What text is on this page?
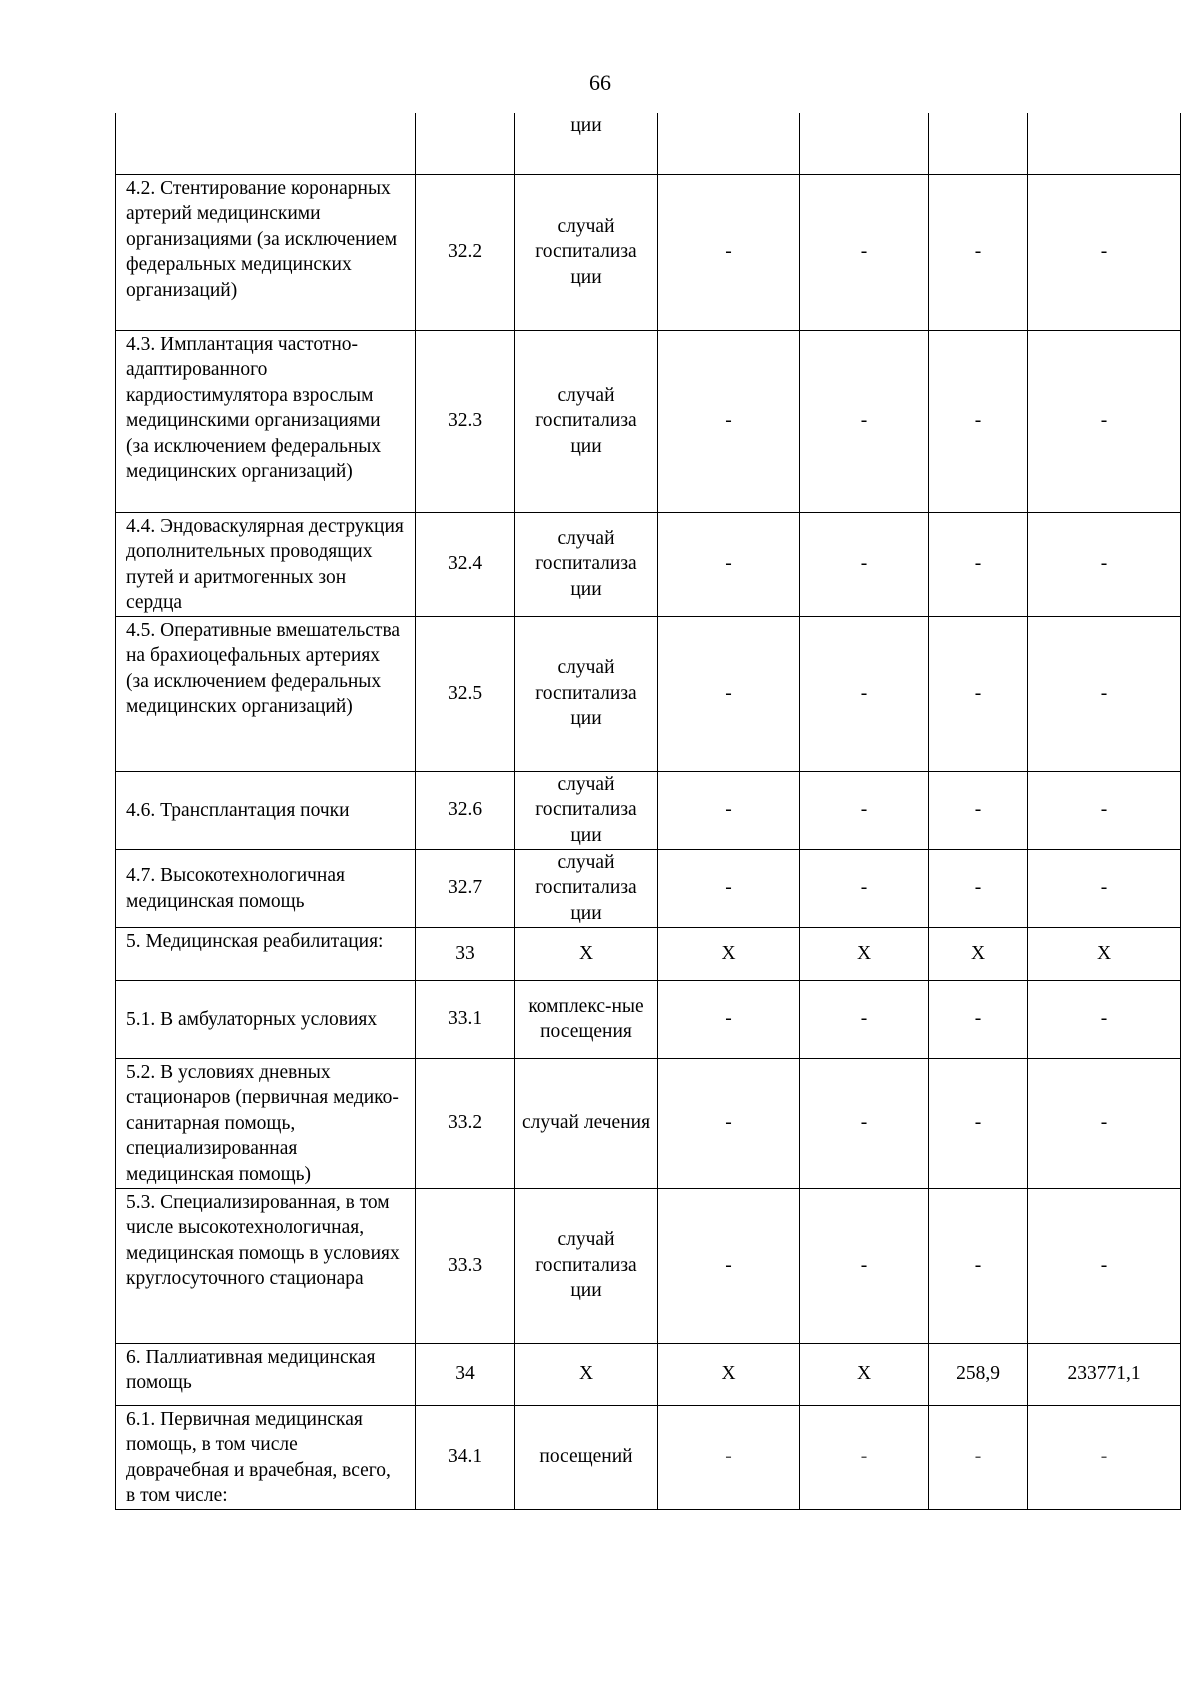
66
		ции				
4.2. Стентирование коронарных артерий медицинскими организациями (за исключением федеральных медицинских организаций)	32.2	случай госпитализа ции	-	-	-	-
4.3. Имплантация частотно-адаптированного кардиостимулятора взрослым медицинскими организациями (за исключением федеральных медицинских организаций)	32.3	случай госпитализа ции	-	-	-	-
4.4. Эндоваскулярная деструкция дополнительных проводящих путей и аритмогенных зон сердца	32.4	случай госпитализа ции	-	-	-	-
4.5. Оперативные вмешательства на брахиоцефальных артериях (за исключением федеральных медицинских организаций)	32.5	случай госпитализа ции	-	-	-	-
4.6. Трансплантация почки	32.6	случай госпитализа ции	-	-	-	-
4.7. Высокотехнологичная медицинская помощь	32.7	случай госпитализа ции	-	-	-	-
5. Медицинская реабилитация:	33	Х	Х	Х	Х	Х
5.1. В амбулаторных условиях	33.1	комплекс-ные посещения	-	-	-	-
5.2. В условиях дневных стационаров (первичная медико-санитарная помощь, специализированная медицинская помощь)	33.2	случай лечения	-	-	-	-
5.3. Специализированная, в том числе высокотехнологичная, медицинская помощь в условиях круглосуточного стационара	33.3	случай госпитализа ции	-	-	-	-
6. Паллиативная медицинская помощь	34	Х	Х	Х	258,9	233771,1
6.1. Первичная медицинская помощь, в том числе доврачебная и врачебная, всего, в том числе:	34.1	посещений	-	-	-	-
